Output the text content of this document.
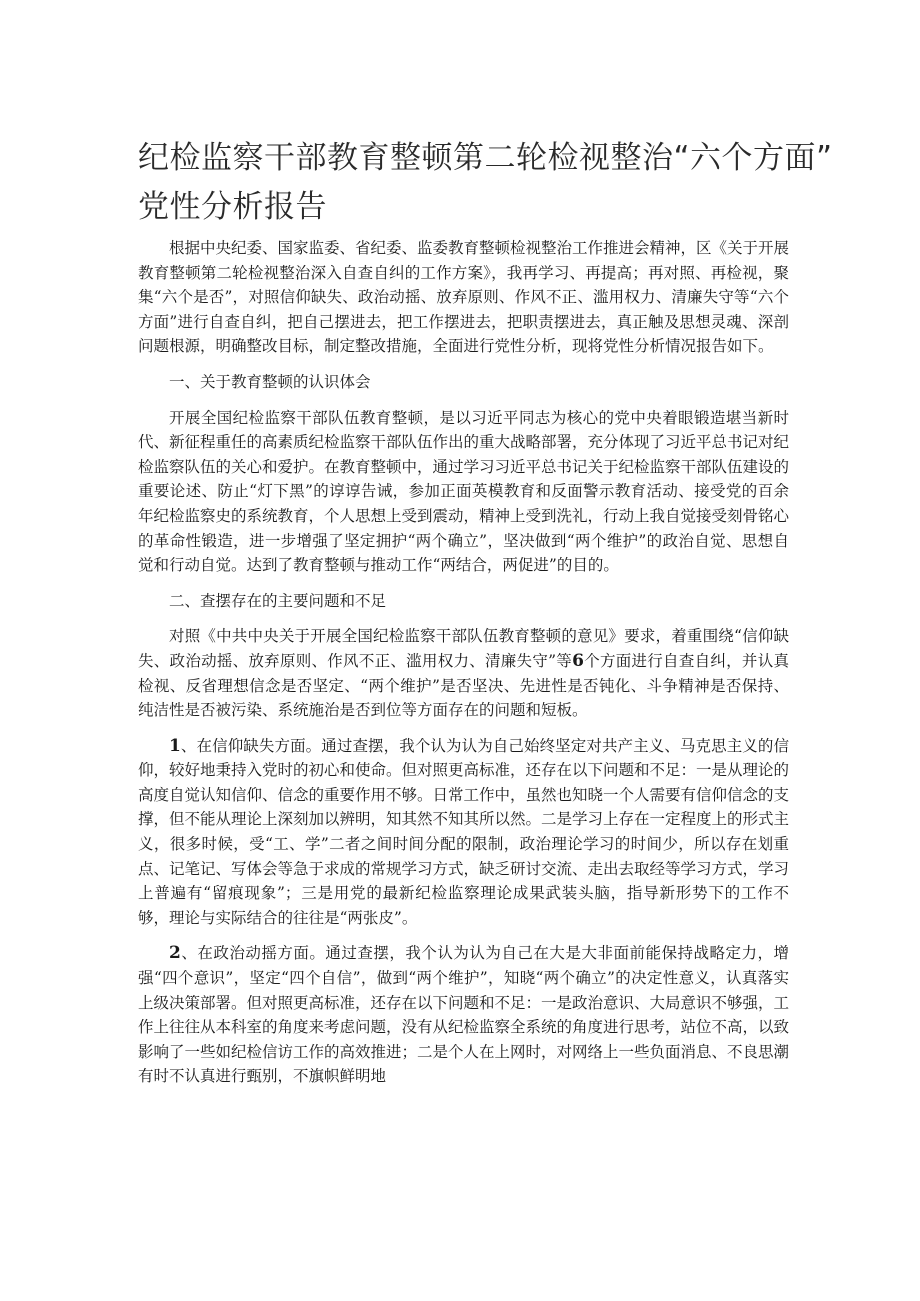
纪检监察干部教育整顿第二轮检视整治“六个方面”
党性分析报告

根据中央纪委、国家监委、省纪委、监委教育整顿检视整治工作推进会精神，区《关于开展教育整顿第二轮检视整治深入自查自纠的工作方案》，我再学习、再提高；再对照、再检视，聚集“六个是否”，对照信仰缺失、政治动摇、放弃原则、作风不正、滥用权力、清廉失守等“六个方面”进行自查自纠，把自己摆进去，把工作摆进去，把职责摆进去，真正触及思想灵魂、深剖问题根源，明确整改目标，制定整改措施，全面进行党性分析，现将党性分析情况报告如下。

一、关于教育整顿的认识体会

开展全国纪检监察干部队伍教育整顿，是以习近平同志为核心的党中央着眼锻造堪当新时代、新征程重任的高素质纪检监察干部队伍作出的重大战略部署，充分体现了习近平总书记对纪检监察队伍的关心和爱护。在教育整顿中，通过学习习近平总书记关于纪检监察干部队伍建设的重要论述、防止“灯下黑”的谆谆告诫，参加正面英模教育和反面警示教育活动、接受党的百余年纪检监察史的系统教育，个人思想上受到震动，精神上受到洗礼，行动上我自觉接受刻骨铭心的革命性锻造，进一步增强了坚定拥护“两个确立”，坚决做到“两个维护”的政治自觉、思想自觉和行动自觉。达到了教育整顿与推动工作“两结合，两促进”的目的。

二、查摆存在的主要问题和不足

对照《中共中央关于开展全国纪检监察干部队伍教育整顿的意见》要求，着重围绕“信仰缺失、政治动摇、放弃原则、作风不正、滥用权力、清廉失守”等6个方面进行自查自纠，并认真检视、反省理想信念是否坚定、“两个维护”是否坚决、先进性是否钝化、斗争精神是否保持、纯洁性是否被污染、系统施治是否到位等方面存在的问题和短板。

1、在信仰缺失方面。通过查摆，我个认为认为自己始终坚定对共产主义、马克思主义的信仰，较好地秉持入党时的初心和使命。但对照更高标准，还存在以下问题和不足：一是从理论的高度自觉认知信仰、信念的重要作用不够。日常工作中，虽然也知晓一个人需要有信仰信念的支撑，但不能从理论上深刻加以辨明，知其然不知其所以然。二是学习上存在一定程度上的形式主义，很多时候，受“工、学”二者之间时间分配的限制，政治理论学习的时间少，所以存在划重点、记笔记、写体会等急于求成的常规学习方式，缺乏研讨交流、走出去取经等学习方式，学习上普遍有“留痕现象”；三是用党的最新纪检监察理论成果武装头脑，指导新形势下的工作不够，理论与实际结合的往往是“两张皮”。

2、在政治动摇方面。通过查摆，我个认为认为自己在大是大非面前能保持战略定力，增强“四个意识”，坚定“四个自信”，做到“两个维护”，知晓“两个确立”的决定性意义，认真落实上级决策部署。但对照更高标准，还存在以下问题和不足：一是政治意识、大局意识不够强，工作上往往从本科室的角度来考虑问题，没有从纪检监察全系统的角度进行思考，站位不高，以致影响了一些如纪检信访工作的高效推进；二是个人在上网时，对网络上一些负面消息、不良思潮有时不认真进行甄别，不旗帜鲜明地
